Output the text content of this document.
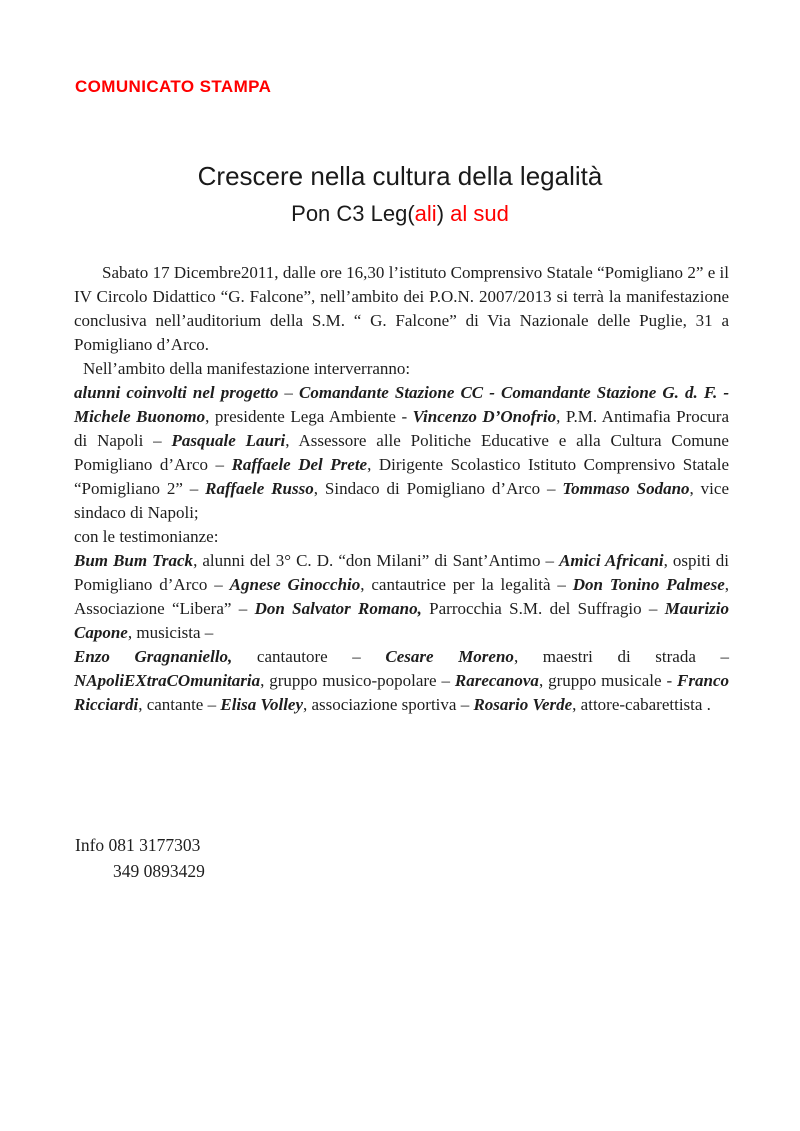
COMUNICATO STAMPA
Crescere nella cultura della legalità
Pon C3 Leg(ali) al sud
Sabato 17 Dicembre2011, dalle ore 16,30 l’istituto Comprensivo Statale “Pomigliano 2” e il IV Circolo Didattico “G. Falcone”, nell’ambito dei P.O.N. 2007/2013 si terrà la manifestazione conclusiva nell’auditorium della S.M. “ G. Falcone” di Via Nazionale delle Puglie, 31 a Pomigliano d’Arco.
Nell’ambito della manifestazione interverranno:
alunni coinvolti nel progetto – Comandante Stazione CC - Comandante Stazione G. d. F. - Michele Buonomo, presidente Lega Ambiente - Vincenzo D’Onofrio, P.M. Antimafia Procura di Napoli – Pasquale Lauri, Assessore alle Politiche Educative e alla Cultura Comune Pomigliano d’Arco – Raffaele Del Prete, Dirigente Scolastico Istituto Comprensivo Statale “Pomigliano 2” – Raffaele Russo, Sindaco di Pomigliano d’Arco – Tommaso Sodano, vice sindaco di Napoli;
con le testimonianze:
Bum Bum Track, alunni del 3° C. D. “don Milani” di Sant’Antimo – Amici Africani, ospiti di Pomigliano d’Arco – Agnese Ginocchio, cantautrice per la legalità – Don Tonino Palmese, Associazione “Libera” – Don Salvator Romano, Parrocchia S.M. del Suffragio – Maurizio Capone, musicista –
Enzo Gragnaniello, cantautore – Cesare Moreno, maestri di strada – NApoliEXtraCOmunitaria, gruppo musico-popolare – Rarecanova, gruppo musicale - Franco Ricciardi, cantante – Elisa Volley, associazione sportiva – Rosario Verde, attore-cabarettista .
Info 081 3177303
349 0893429
